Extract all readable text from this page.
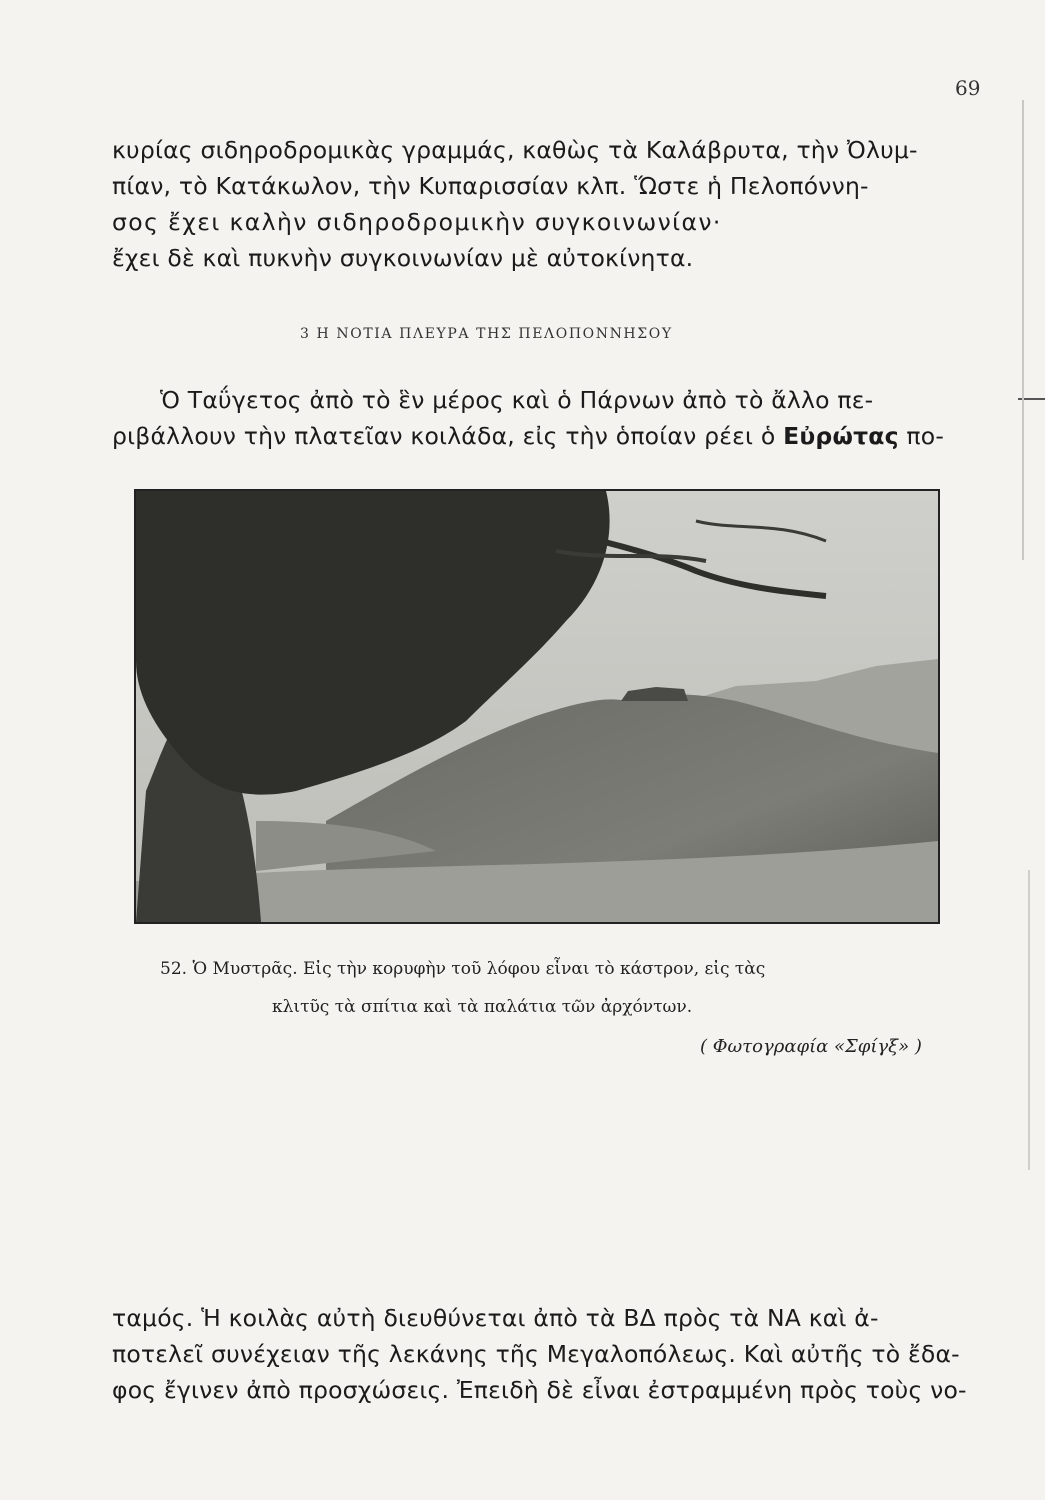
69
κυρίας σιδηροδρομικὰς γραμμάς, καθὼς τὰ Καλάβρυτα, τὴν Ὀλυμ-
πίαν, τὸ Κατάκωλον, τὴν Κυπαρισσίαν κλπ. Ὥστε ἡ Πελοπόννη-
σος ἔχει καλὴν σιδηροδρομικὴν συγκοινωνίαν·
ἔχει δὲ καὶ πυκνὴν συγκοινωνίαν μὲ αὐτοκίνητα.
3 Η ΝΟΤΙΑ ΠΛΕΥΡΑ ΤΗΣ ΠΕΛΟΠΟΝΝΗΣΟΥ
Ὁ Ταΰγετος ἀπὸ τὸ ἓν μέρος καὶ ὁ Πάρνων ἀπὸ τὸ ἄλλο πε-
ριβάλλουν τὴν πλατεῖαν κοιλάδα, εἰς τὴν ὁποίαν ρέει ὁ Εὐρώτας πο-
52. Ὁ Μυστρᾶς. Εἰς τὴν κορυφὴν τοῦ λόφου εἶναι τὸ κάστρον, εἰς τὰς
κλιτῦς τὰ σπίτια καὶ τὰ παλάτια τῶν ἀρχόντων.
( Φωτογραφία «Σφίγξ» )
ταμός. Ἡ κοιλὰς αὐτὴ διευθύνεται ἀπὸ τὰ ΒΔ πρὸς τὰ ΝΑ καὶ ἀ-
ποτελεῖ συνέχειαν τῆς λεκάνης τῆς Μεγαλοπόλεως. Καὶ αὐτῆς τὸ ἔδα-
φος ἔγινεν ἀπὸ προσχώσεις. Ἐπειδὴ δὲ εἶναι ἐστραμμένη πρὸς τοὺς νο-
